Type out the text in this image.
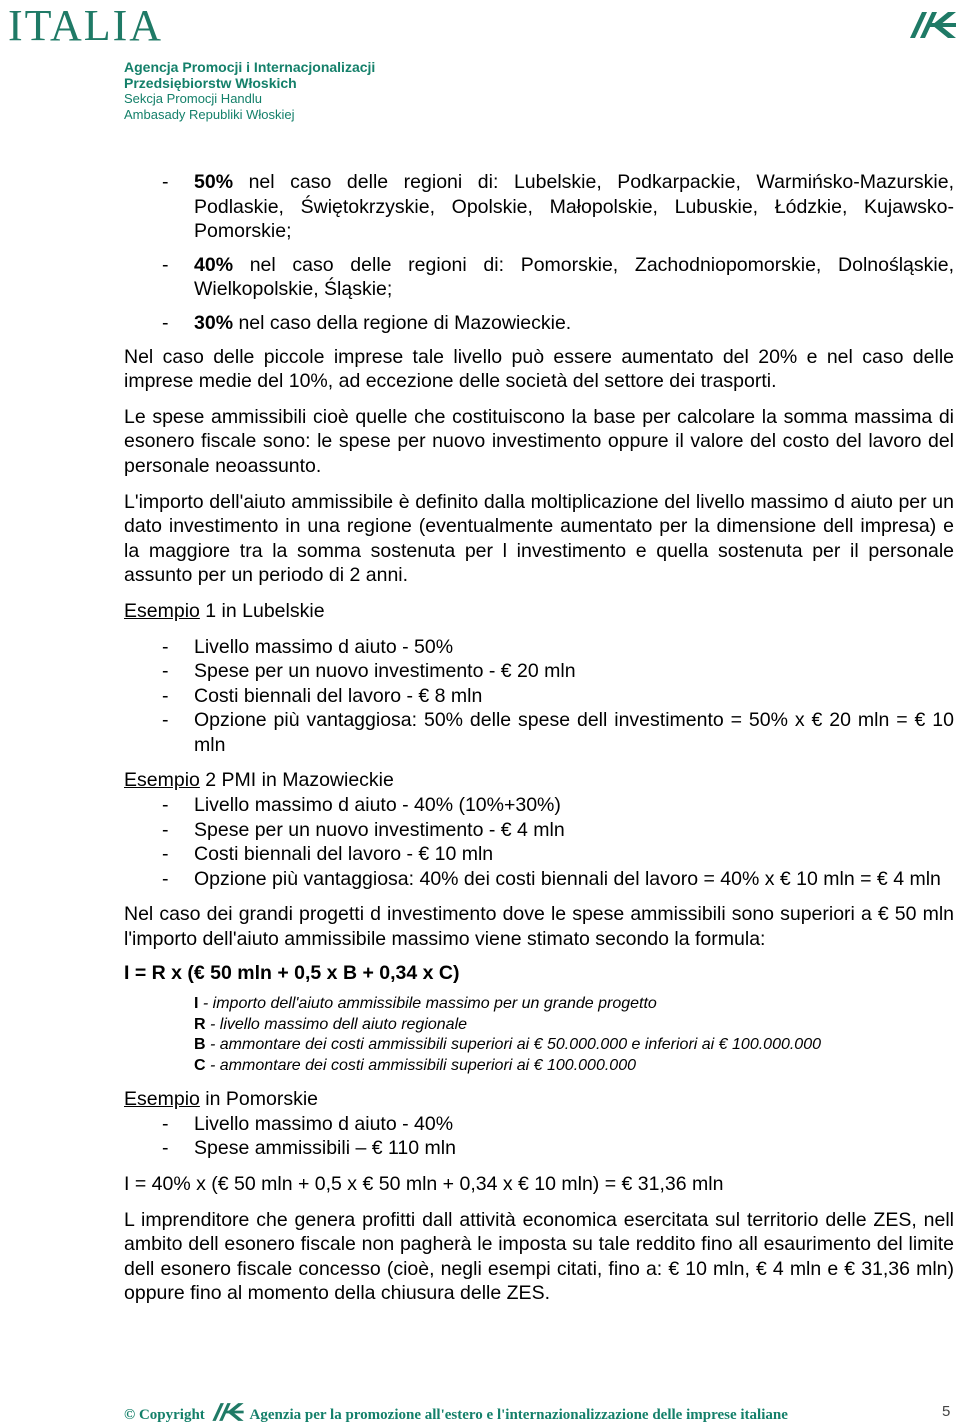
ITALIA
Agencja Promocji i Internacjonalizacji
Przedsiębiorstw Włoskich
Sekcja Promocji Handlu
Ambasady Republiki Włoskiej
-	50% nel caso delle regioni di: Lubelskie, Podkarpackie, Warmińsko-Mazurskie, Podlaskie, Świętokrzyskie, Opolskie, Małopolskie, Lubuskie, Łódzkie, Kujawsko-Pomorskie;
-	40% nel caso delle regioni di: Pomorskie, Zachodniopomorskie, Dolnośląskie, Wielkopolskie, Śląskie;
-	30% nel caso della regione di Mazowieckie.

Nel caso delle piccole imprese tale livello può essere aumentato del 20% e nel caso delle imprese medie del 10%, ad eccezione delle società del settore dei trasporti.

Le spese ammissibili cioè quelle che costituiscono la base per calcolare la somma massima di esonero fiscale sono: le spese per nuovo investimento oppure il valore del costo del lavoro del personale neoassunto.

L'importo dell'aiuto ammissibile è definito dalla moltiplicazione del livello massimo d aiuto per un dato investimento in una regione (eventualmente aumentato per la dimensione dell impresa) e la maggiore tra la somma sostenuta per l investimento e quella sostenuta per il personale assunto per un periodo di 2 anni.

Esempio 1 in Lubelskie
-	Livello massimo d aiuto - 50%
-	Spese per un nuovo investimento - € 20 mln
-	Costi biennali del lavoro - € 8 mln
-	Opzione più vantaggiosa: 50% delle spese dell investimento = 50% x € 20 mln = € 10 mln
Esempio 2 PMI in Mazowieckie
-	Livello massimo d aiuto - 40% (10%+30%)
-	Spese per un nuovo investimento - € 4 mln
-	Costi biennali del lavoro - € 10 mln
-	Opzione più vantaggiosa: 40% dei costi biennali del lavoro = 40% x € 10 mln = € 4 mln

Nel caso dei grandi progetti d investimento dove le spese ammissibili sono superiori a € 50 mln l'importo dell'aiuto ammissibile massimo viene stimato secondo la formula:

I = R x (€ 50 mln + 0,5 x B + 0,34 x C)
I - importo dell'aiuto ammissibile massimo per un grande progetto
R - livello massimo dell aiuto regionale
B - ammontare dei costi ammissibili superiori ai € 50.000.000 e inferiori ai € 100.000.000
C - ammontare dei costi ammissibili superiori ai € 100.000.000
Esempio in Pomorskie
-	Livello massimo d aiuto - 40%
-	Spese ammissibili – € 110 mln
I = 40% x (€ 50 mln + 0,5 x € 50 mln + 0,34 x € 10 mln) = € 31,36 mln

L imprenditore che genera profitti dall attività economica esercitata sul territorio delle ZES, nell ambito dell esonero fiscale non pagherà le imposta su tale reddito fino all esaurimento del limite dell esonero fiscale concesso (cioè, negli esempi citati, fino a: € 10 mln, € 4 mln e € 31,36 mln) oppure fino al momento della chiusura delle ZES.

© Copyright	Agenzia per la promozione all'estero e l'internazionalizzazione delle imprese italiane	5
